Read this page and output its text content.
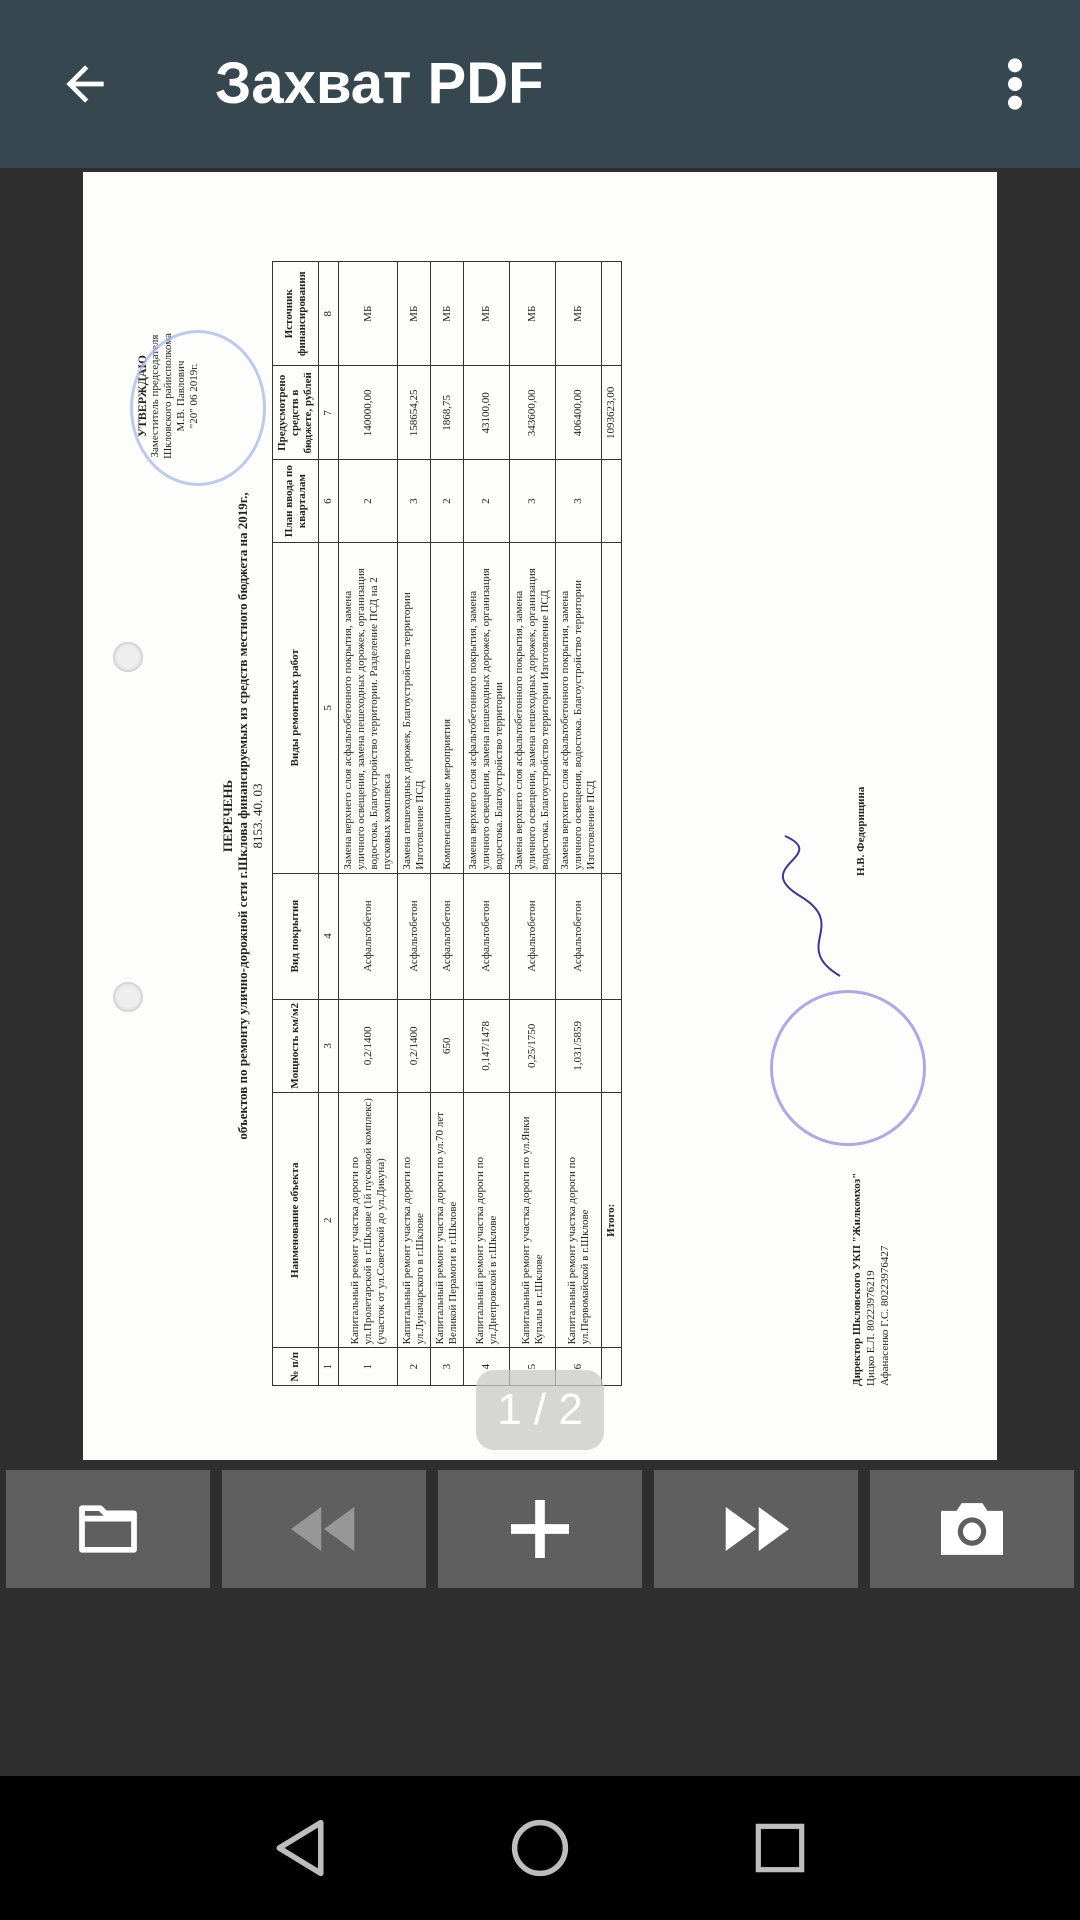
Захват PDF
УТВЕРЖДАЮ Заместитель председателя Шкловского райисполкома М.В. Павлович "20" 06 2019г.
ПЕРЕЧЕНЬ объектов по ремонту улично-дорожной сети г.Шклова финансируемых из средств местного бюджета на 2019г., 8153. 40. 03
№ п/п	Наименование объекта	Мощность км/м2	Вид покрытия	Виды ремонтных работ	План ввода по кварталам	Предусмотрено средств в бюджете, рублей	Источник финансирования
1	2	3	4	5	6	7	8
1	Капитальный ремонт участка дороги по ул.Пролетарской в г.Шклове (1й пусковой комплекс) (участок от ул.Советской до ул.Дикуна)	0,2/1400	Асфальтобетон	Замена верхнего слоя асфальтобетонного покрытия, замена уличного освещения, замена пешеходных дорожек, организация водостока. Благоустройство территории. Разделение ПСД на 2 пусковых комплекса	2	140000,00	МБ
2	Капитальный ремонт участка дороги по ул.Луначарского в г.Шклове	0,2/1400	Асфальтобетон	Замена пешеходных дорожек, Благоустройство территории Изготовление ПСД	3	158654,25	МБ
3	Капитальный ремонт участка дороги по ул.70 лет Великой Перамоги в г.Шклове	650	Асфальтобетон	Компенсационные мероприятия	2	1868,75	МБ
4	Капитальный ремонт участка дороги по ул.Днепровской в г.Шклове	0,147/1478	Асфальтобетон	Замена верхнего слоя асфальтобетонного покрытия, замена уличного освещения, замена пешеходных дорожек, организация водостока. Благоустройство территории	2	43100,00	МБ
5	Капитальный ремонт участка дороги по ул.Янки Купалы в г.Шклове	0,25/1750	Асфальтобетон	Замена верхнего слоя асфальтобетонного покрытия, замена уличного освещения, замена пешеходных дорожек, организация водостока. Благоустройство территории Изготовление ПСД	3	343600,00	МБ
6	Капитальный ремонт участка дороги по ул.Первомайской в г.Шклове	1,031/5859	Асфальтобетон	Замена верхнего слоя асфальтобетонного покрытия, замена уличного освещения, водостока. Благоустройство территории Изготовление ПСД	3	406400,00	МБ
	Итого:					1093623,00	
Директор Шкловского УКП "Жилкомхоз" Цицко Е.Л. 80223976219 Афанасенко Г.С. 80223976427
Н.В. Федорищина
1 / 2
